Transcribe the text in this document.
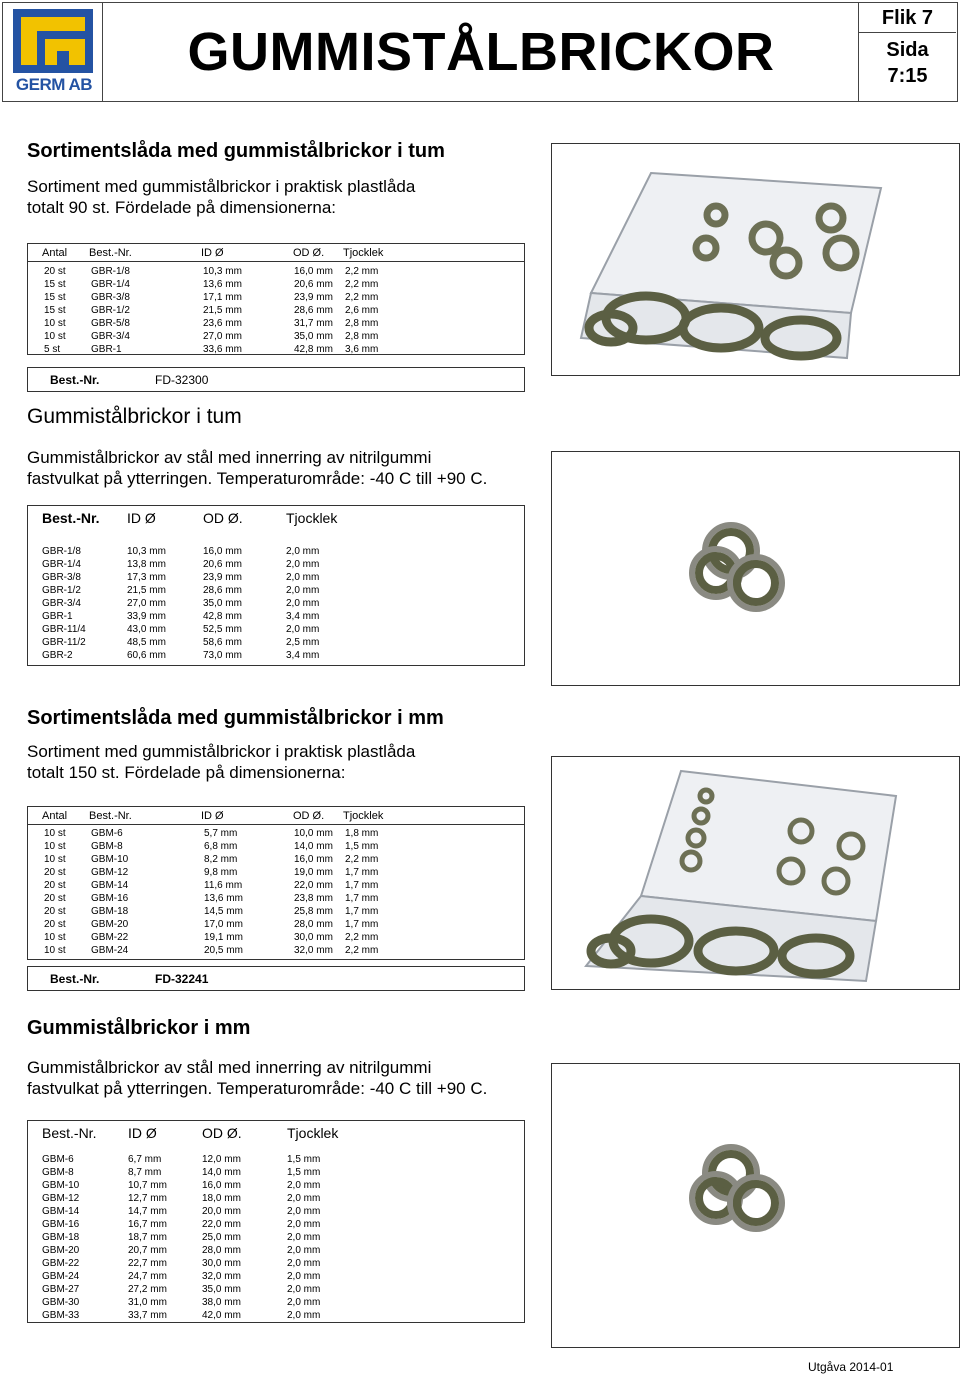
GERM AB
GUMMISTÅLBRICKOR
Flik 7
Sida
7:15
Sortimentslåda med gummistålbrickor i tum
Sortiment med gummistålbrickor i praktisk plastlåda
totalt 90 st. Fördelade på dimensionerna:
Antal Best.-Nr.	ID Ø	OD Ø. Tjocklek
20 st	GBR-1/8	10,3 mm	16,0 mm 2,2 mm
15 st	GBR-1/4	13,6 mm	20,6 mm 2,2 mm
15 st	GBR-3/8	17,1 mm	23,9 mm 2,2 mm
15 st	GBR-1/2	21,5 mm	28,6 mm 2,6 mm
10 st	GBR-5/8	23,6 mm	31,7 mm 2,8 mm
10 st	GBR-3/4	27,0 mm	35,0 mm 2,8 mm
5 st	GBR-1	33,6 mm	42,8 mm 3,6 mm
Best.-Nr.	FD-32300
Gummistålbrickor i tum
Gummistålbrickor av stål med innerring av nitrilgummi
fastvulkat på ytterringen. Temperaturområde: -40 C till +90 C.
Best.-Nr. ID Ø	OD Ø.	Tjocklek
GBR-1/8	10,3 mm	16,0 mm	2,0 mm
GBR-1/4	13,8 mm	20,6 mm	2,0 mm
GBR-3/8	17,3 mm	23,9 mm	2,0 mm
GBR-1/2	21,5 mm	28,6 mm	2,0 mm
GBR-3/4	27,0 mm	35,0 mm	2,0 mm
GBR-1	33,9 mm	42,8 mm	3,4 mm
GBR-11/4	43,0 mm	52,5 mm	2,0 mm
GBR-11/2	48,5 mm	58,6 mm	2,5 mm
GBR-2	60,6 mm	73,0 mm	3,4 mm
Sortimentslåda med gummistålbrickor i mm
Sortiment med gummistålbrickor i praktisk plastlåda
totalt 150 st. Fördelade på dimensionerna:
Antal Best.-Nr.	ID Ø	OD Ø. Tjocklek
10 st	GBM-6	5,7 mm	10,0 mm 1,8 mm
10 st	GBM-8	6,8 mm	14,0 mm 1,5 mm
10 st	GBM-10	8,2 mm	16,0 mm 2,2 mm
20 st	GBM-12	9,8 mm	19,0 mm 1,7 mm
20 st	GBM-14	11,6 mm	22,0 mm 1,7 mm
20 st	GBM-16	13,6 mm	23,8 mm 1,7 mm
20 st	GBM-18	14,5 mm	25,8 mm 1,7 mm
20 st	GBM-20	17,0 mm	28,0 mm 1,7 mm
10 st	GBM-22	19,1 mm	30,0 mm 2,2 mm
10 st	GBM-24	20,5 mm	32,0 mm 2,2 mm
Best.-Nr.	FD-32241
Gummistålbrickor i mm
Gummistålbrickor av stål med innerring av nitrilgummi
fastvulkat på ytterringen. Temperaturområde: -40 C till +90 C.
Best.-Nr. ID Ø	OD Ø.	Tjocklek
GBM-6	6,7 mm	12,0 mm	1,5 mm
GBM-8	8,7 mm	14,0 mm	1,5 mm
GBM-10	10,7 mm	16,0 mm	2,0 mm
GBM-12	12,7 mm	18,0 mm	2,0 mm
GBM-14	14,7 mm	20,0 mm	2,0 mm
GBM-16	16,7 mm	22,0 mm	2,0 mm
GBM-18	18,7 mm	25,0 mm	2,0 mm
GBM-20	20,7 mm	28,0 mm	2,0 mm
GBM-22	22,7 mm	30,0 mm	2,0 mm
GBM-24	24,7 mm	32,0 mm	2,0 mm
GBM-27	27,2 mm	35,0 mm	2,0 mm
GBM-30	31,0 mm	38,0 mm	2,0 mm
GBM-33	33,7 mm	42,0 mm	2,0 mm
Utgåva 2014-01
